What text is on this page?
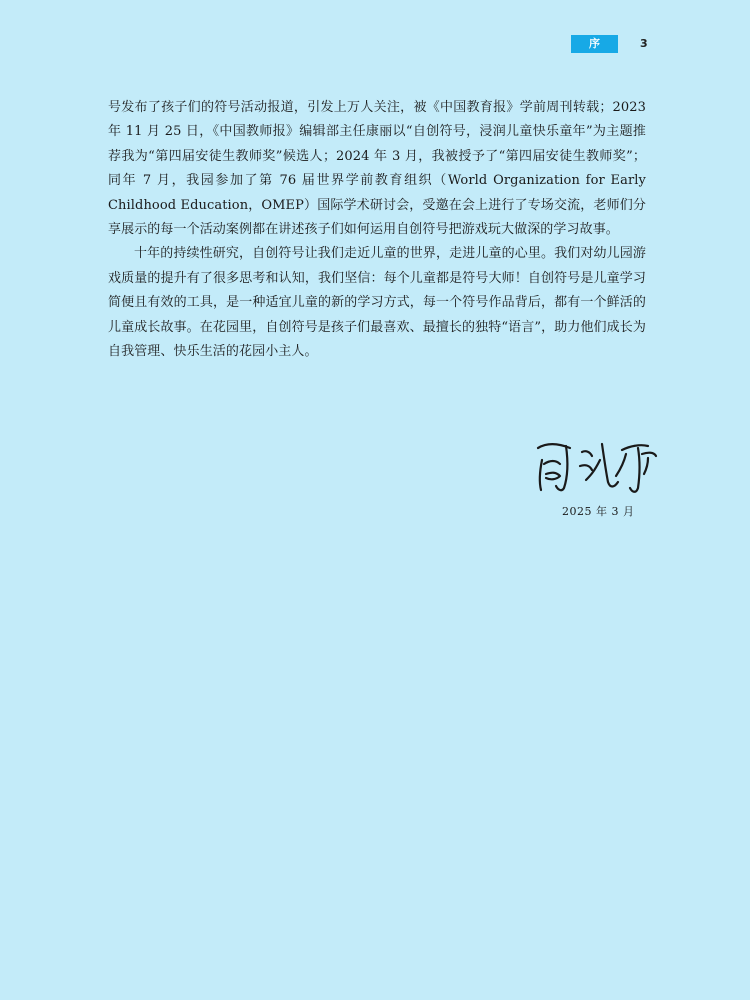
序	3

号发布了孩子们的符号活动报道，引发上万人关注，被《中国教育报》学前周刊转载；2023 年 11 月 25 日，《中国教师报》编辑部主任康丽以“自创符号，浸润儿童快乐童年”为主题推荐我为“第四届安徒生教师奖”候选人；2024 年 3 月，我被授予了“第四届安徒生教师奖”；同年 7 月，我园参加了第 76 届世界学前教育组织（World Organization for Early Childhood Education，OMEP）国际学术研讨会，受邀在会上进行了专场交流，老师们分享展示的每一个活动案例都在讲述孩子们如何运用自创符号把游戏玩大做深的学习故事。

十年的持续性研究，自创符号让我们走近儿童的世界，走进儿童的心里。我们对幼儿园游戏质量的提升有了很多思考和认知，我们坚信：每个儿童都是符号大师！自创符号是儿童学习简便且有效的工具，是一种适宜儿童的新的学习方式，每一个符号作品背后，都有一个鲜活的儿童成长故事。在花园里，自创符号是孩子们最喜欢、最擅长的独特“语言”，助力他们成长为自我管理、快乐生活的花园小主人。

2025 年 3 月
